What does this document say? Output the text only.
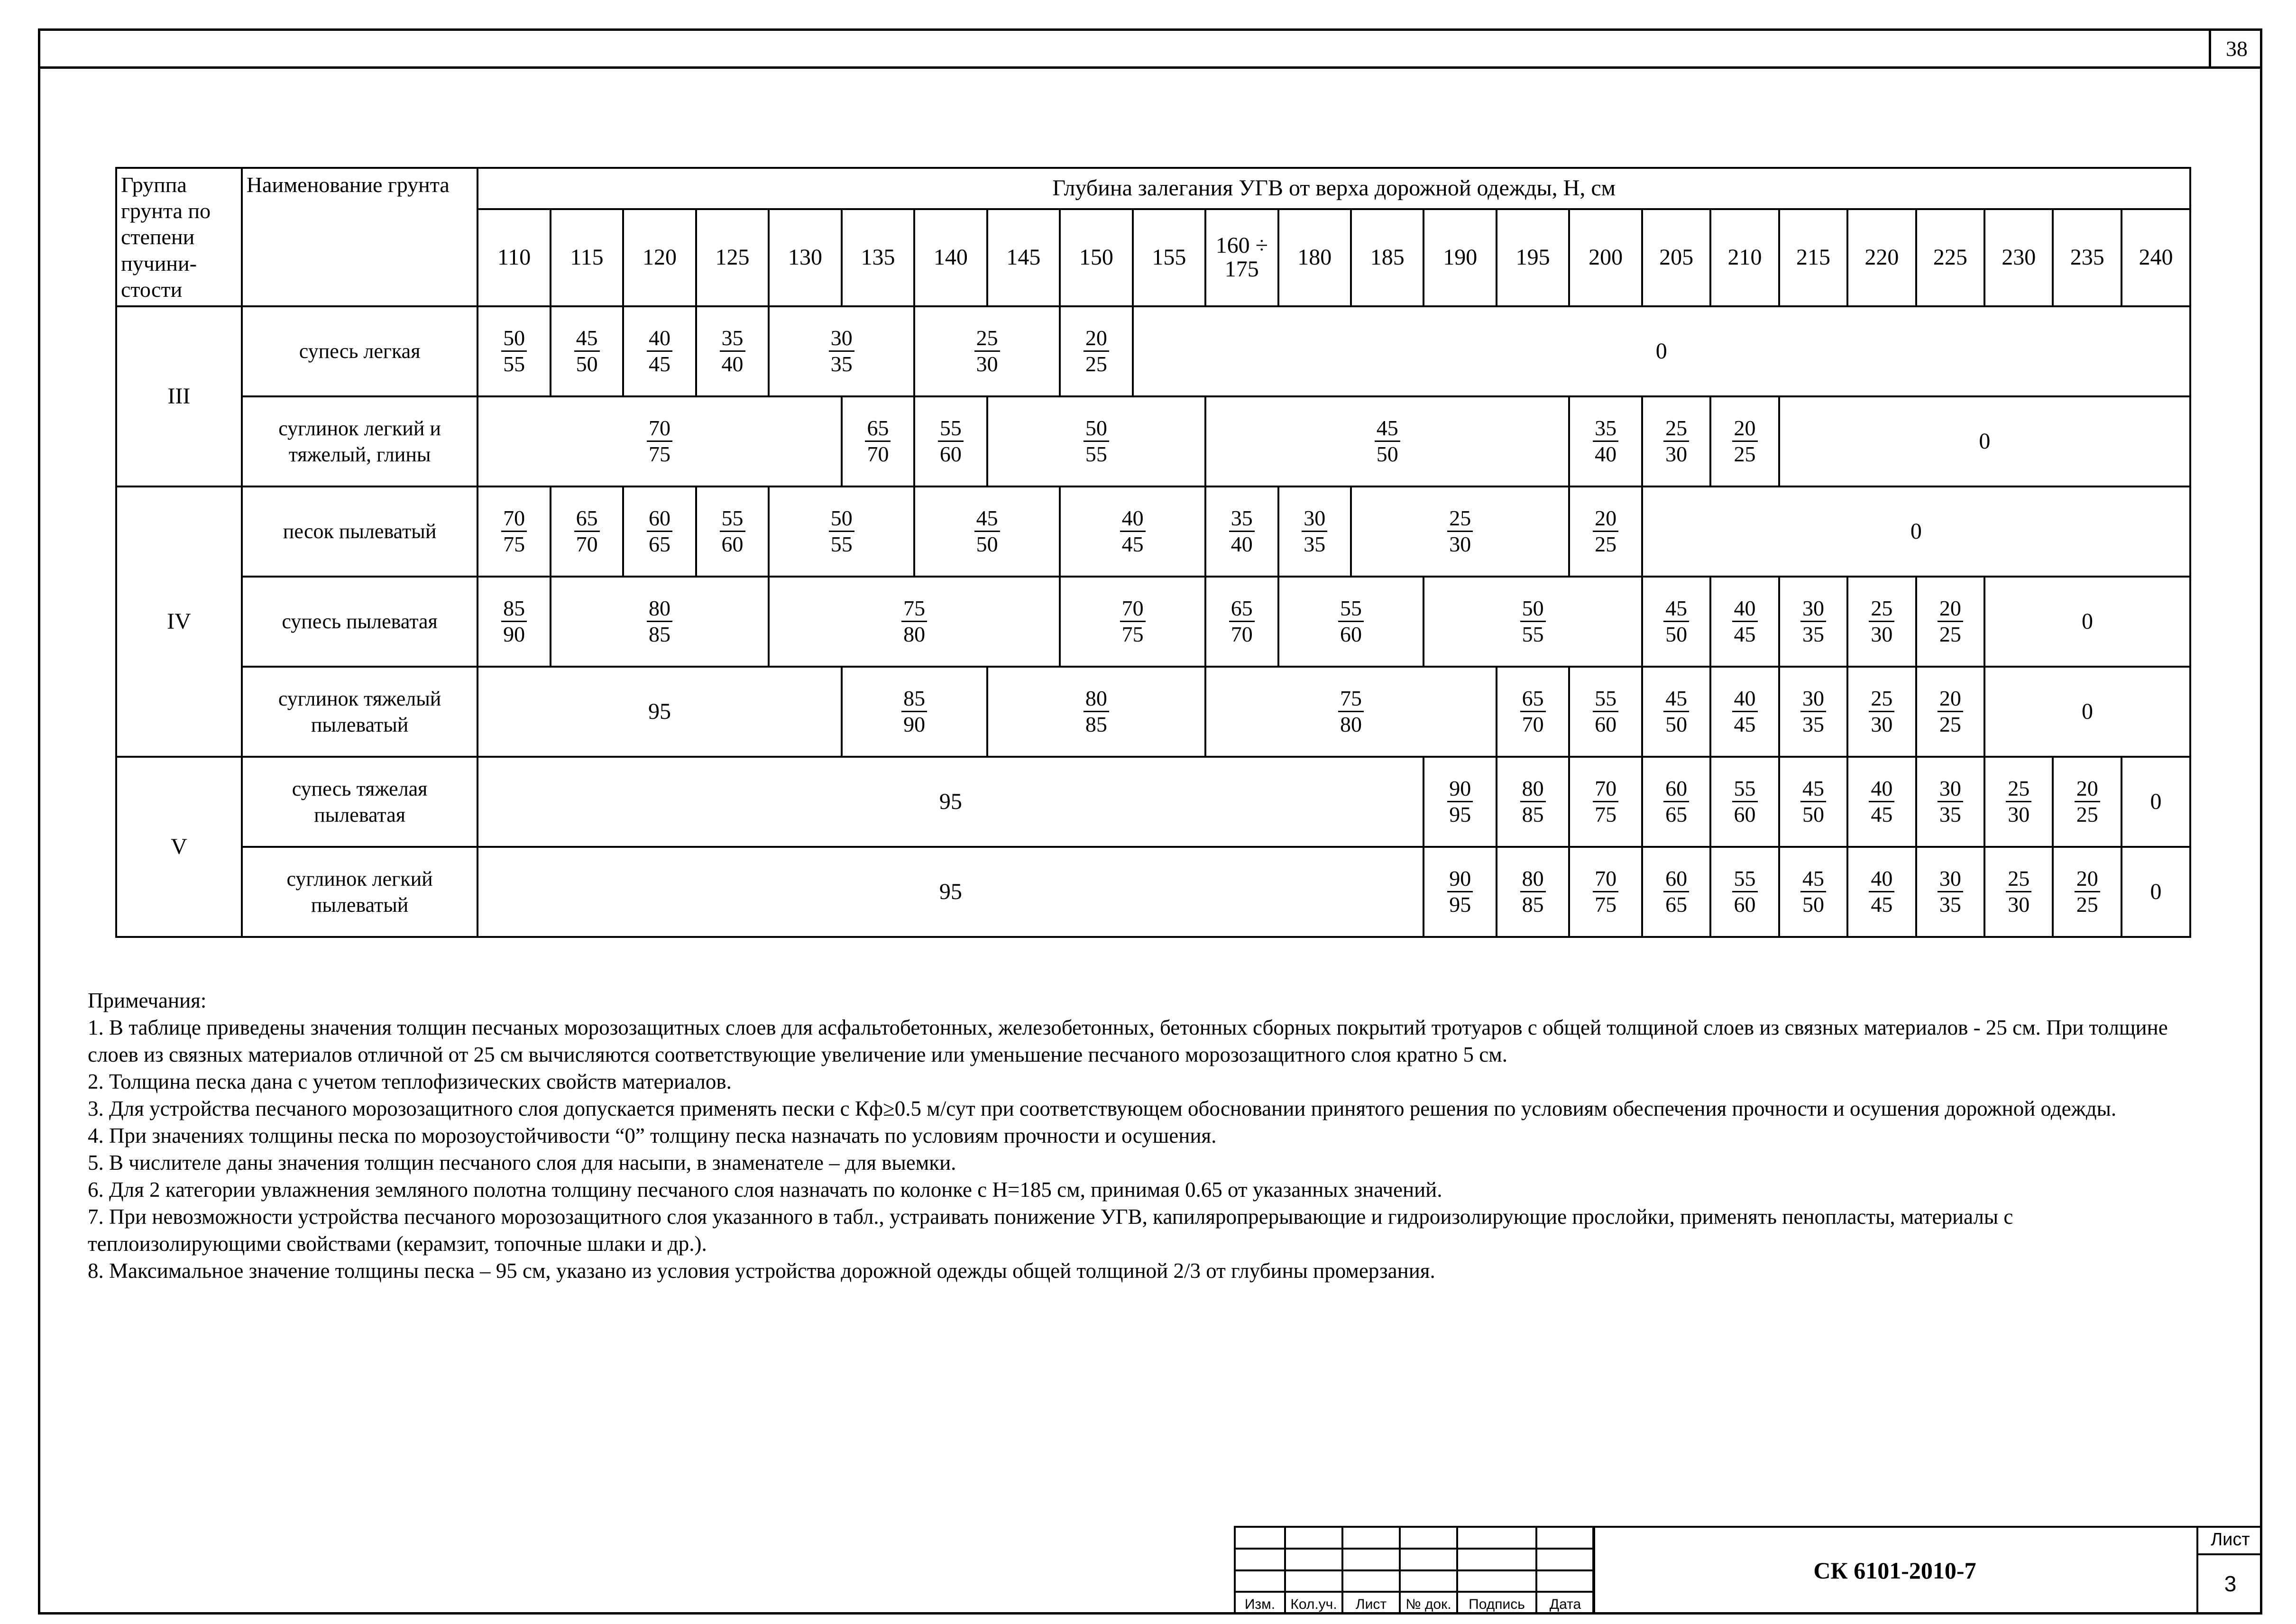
38
Группа грунта по степени пучини-стости	Наименование грунта	Глубина залегания УГВ от верха дорожной одежды, Н, см																							
		110	115	120	125	130	135	140	145	150	155	160 ÷ 175	180	185	190	195	200	205	210	215	220	225	230	235	240
III	супесь легкая	$\frac{50}{55}$	$\frac{45}{50}$	$\frac{40}{45}$	$\frac{35}{40}$	$\frac{30}{35}$		$\frac{25}{30}$		$\frac{20}{25}$	0														
	суглинок легкий и тяжелый, глины	$\frac{70}{75}$					$\frac{65}{70}$	$\frac{55}{60}$	$\frac{50}{55}$			$\frac{45}{50}$					$\frac{35}{40}$	$\frac{25}{30}$	$\frac{20}{25}$	0					
IV	песок пылеватый	$\frac{70}{75}$	$\frac{65}{70}$	$\frac{60}{65}$	$\frac{55}{60}$	$\frac{50}{55}$		$\frac{45}{50}$		$\frac{40}{45}$		$\frac{35}{40}$	$\frac{30}{35}$	$\frac{25}{30}$			$\frac{20}{25}$	0							
	супесь пылеватая	$\frac{85}{90}$	$\frac{80}{85}$			$\frac{75}{80}$				$\frac{70}{75}$		$\frac{65}{70}$	$\frac{55}{60}$		$\frac{50}{55}$			$\frac{45}{50}$	$\frac{40}{45}$	$\frac{30}{35}$	$\frac{25}{30}$	$\frac{20}{25}$	0		
	суглинок тяжелый пылеватый	95					$\frac{85}{90}$		$\frac{80}{85}$			$\frac{75}{80}$				$\frac{65}{70}$	$\frac{55}{60}$	$\frac{45}{50}$	$\frac{40}{45}$	$\frac{30}{35}$	$\frac{25}{30}$	$\frac{20}{25}$	0		
V	супесь тяжелая пылеватая	95													$\frac{90}{95}$	$\frac{80}{85}$	$\frac{70}{75}$	$\frac{60}{65}$	$\frac{55}{60}$	$\frac{45}{50}$	$\frac{40}{45}$	$\frac{30}{35}$	$\frac{25}{30}$	$\frac{20}{25}$	0
	суглинок легкий пылеватый	95													$\frac{90}{95}$	$\frac{80}{85}$	$\frac{70}{75}$	$\frac{60}{65}$	$\frac{55}{60}$	$\frac{45}{50}$	$\frac{40}{45}$	$\frac{30}{35}$	$\frac{25}{30}$	$\frac{20}{25}$	0
Примечания:
1. В таблице приведены значения толщин песчаных морозозащитных слоев для асфальтобетонных, железобетонных, бетонных сборных покрытий тротуаров с общей толщиной слоев из связных материалов - 25 см. При толщине слоев из связных материалов отличной от 25 см вычисляются соответствующие увеличение или уменьшение песчаного морозозащитного слоя кратно 5 см.
2. Толщина песка дана с учетом теплофизических свойств материалов.
3. Для устройства песчаного морозозащитного слоя допускается применять пески с Кф≥0.5 м/сут при соответствующем обосновании принятого решения по условиям обеспечения прочности и осушения дорожной одежды.
4. При значениях толщины песка по морозоустойчивости “0” толщину песка назначать по условиям прочности и осушения.
5. В числителе даны значения толщин песчаного слоя для насыпи, в знаменателе – для выемки.
6. Для 2 категории увлажнения земляного полотна толщину песчаного слоя назначать по колонке с Н=185 см, принимая 0.65 от указанных значений.
7. При невозможности устройства песчаного морозозащитного слоя указанного в табл., устраивать понижение УГВ, капиляропрерывающие и гидроизолирующие прослойки, применять пенопласты, материалы с теплоизолирующими свойствами (керамзит, топочные шлаки и др.).
8. Максимальное значение толщины песка – 95 см, указано из условия устройства дорожной одежды общей толщиной 2/3 от глубины промерзания.

Изм.	Кол.уч.	Лист	№ док.	Подпись	Дата
СК 6101-2010-7
Лист
3
